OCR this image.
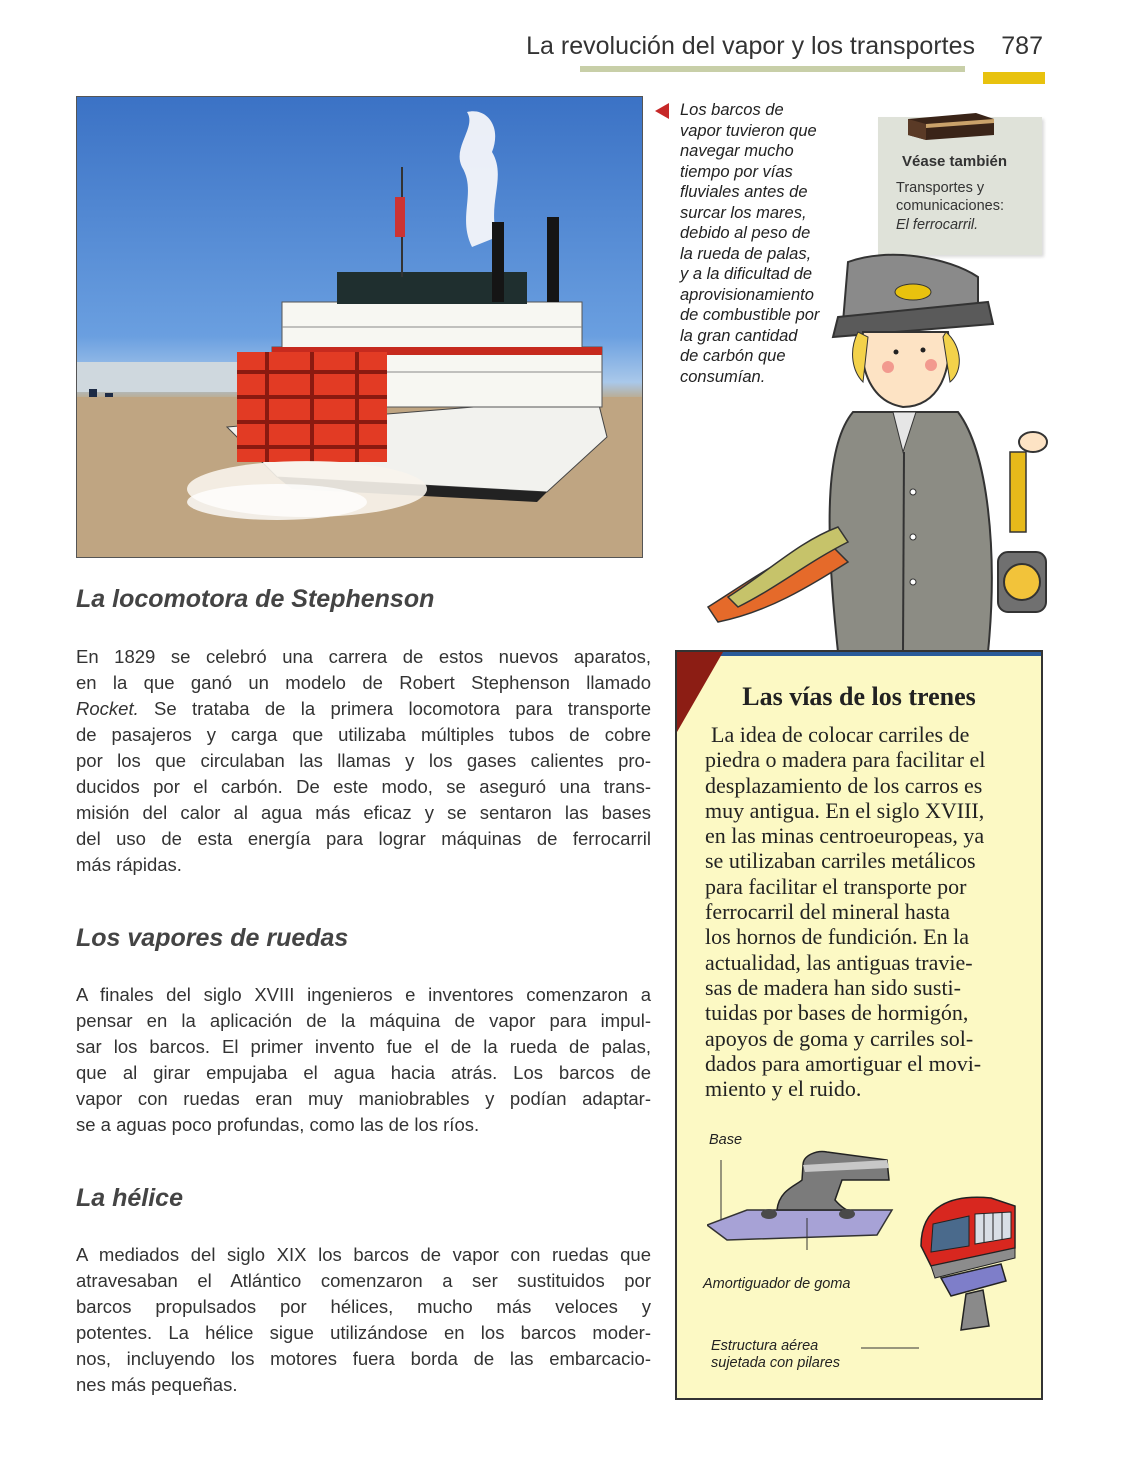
La revolución del vapor y los transportes 787
Los barcos de
vapor tuvieron que
navegar mucho
tiempo por vías
fluviales antes de
surcar los mares,
debido al peso de
la rueda de palas,
y a la dificultad de
aprovisionamiento
de combustible por
la gran cantidad
de carbón que
consumían.
Véase también
Transportes y
comunicaciones:
El ferrocarril.
La locomotora de Stephenson
En 1829 se celebró una carrera de estos nuevos aparatos,
en la que ganó un modelo de Robert Stephenson llamado
Rocket. Se trataba de la primera locomotora para transporte
de pasajeros y carga que utilizaba múltiples tubos de cobre
por los que circulaban las llamas y los gases calientes pro-
ducidos por el carbón. De este modo, se aseguró una trans-
misión del calor al agua más eficaz y se sentaron las bases
del uso de esta energía para lograr máquinas de ferrocarril
más rápidas.
Los vapores de ruedas
A finales del siglo XVIII ingenieros e inventores comenzaron a
pensar en la aplicación de la máquina de vapor para impul-
sar los barcos. El primer invento fue el de la rueda de palas,
que al girar empujaba el agua hacia atrás. Los barcos de
vapor con ruedas eran muy maniobrables y podían adaptar-
se a aguas poco profundas, como las de los ríos.
La hélice
A mediados del siglo XIX los barcos de vapor con ruedas que
atravesaban el Atlántico comenzaron a ser sustituidos por
barcos propulsados por hélices, mucho más veloces y
potentes. La hélice sigue utilizándose en los barcos moder-
nos, incluyendo los motores fuera borda de las embarcacio-
nes más pequeñas.
Las vías de los trenes
La idea de colocar carriles de
piedra o madera para facilitar el
desplazamiento de los carros es
muy antigua. En el siglo XVIII,
en las minas centroeuropeas, ya
se utilizaban carriles metálicos
para facilitar el transporte por
ferrocarril del mineral hasta
los hornos de fundición. En la
actualidad, las antiguas travie-
sas de madera han sido susti-
tuidas por bases de hormigón,
apoyos de goma y carriles sol-
dados para amortiguar el movi-
miento y el ruido.
Base
Amortiguador de goma
Estructura aérea
sujetada con pilares
